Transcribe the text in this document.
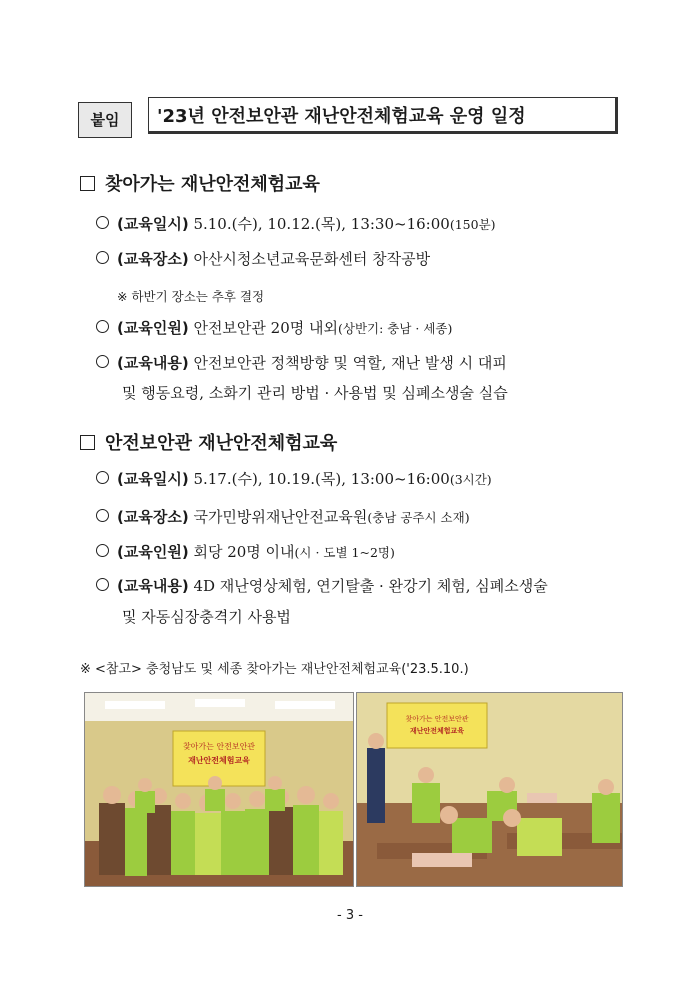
붙임	'23년 안전보안관 재난안전체험교육 운영 일정
찾아가는 재난안전체험교육
(교육일시) 5.10.(수), 10.12.(목), 13:30~16:00(150분)
(교육장소) 아산시청소년교육문화센터 창작공방
※ 하반기 장소는 추후 결정
(교육인원) 안전보안관 20명 내외(상반기: 충남 · 세종)
(교육내용) 안전보안관 정책방향 및 역할, 재난 발생 시 대피
및 행동요령, 소화기 관리 방법 · 사용법 및 심폐소생술 실습
안전보안관 재난안전체험교육
(교육일시) 5.17.(수), 10.19.(목), 13:00~16:00(3시간)
(교육장소) 국가민방위재난안전교육원(충남 공주시 소재)
(교육인원) 회당 20명 이내(시 · 도별 1~2명)
(교육내용) 4D 재난영상체험, 연기탈출 · 완강기 체험, 심폐소생술
및 자동심장충격기 사용법
※ <참고> 충청남도 및 세종 찾아가는 재난안전체험교육('23.5.10.)
찾아가는 안전보안관
재난안전체험교육
찾아가는 안전보안관
재난안전체험교육
- 3 -
